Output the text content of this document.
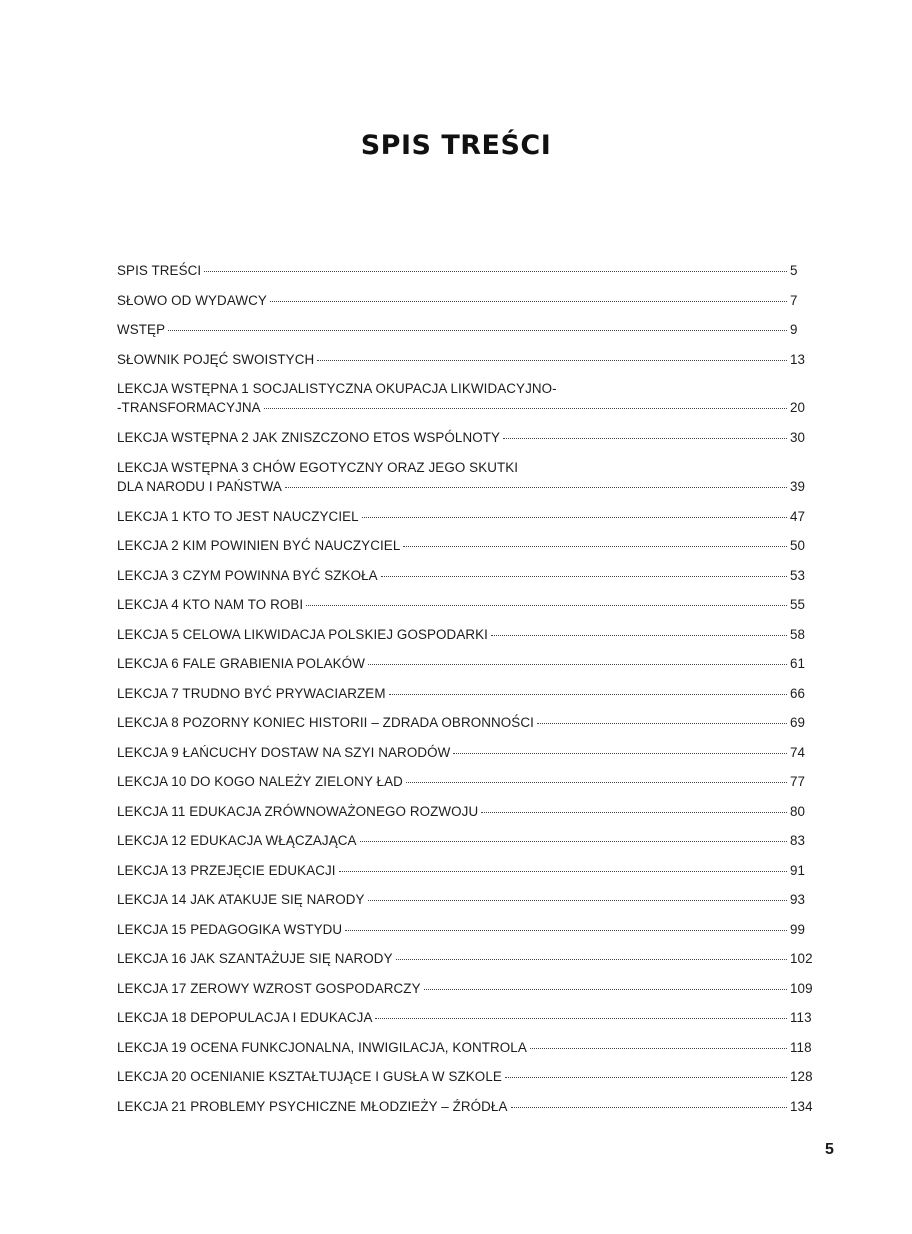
SPIS TREŚCI
SPIS TREŚCI	5
SŁOWO OD WYDAWCY	7
WSTĘP	9
SŁOWNIK POJĘĆ SWOISTYCH	13
LEKCJA WSTĘPNA 1 SOCJALISTYCZNA OKUPACJA LIKWIDACYJNO-
-TRANSFORMACYJNA	20
LEKCJA WSTĘPNA 2 JAK ZNISZCZONO ETOS WSPÓLNOTY	30
LEKCJA WSTĘPNA 3 CHÓW EGOTYCZNY ORAZ JEGO SKUTKI
DLA NARODU I PAŃSTWA	39
LEKCJA 1 KTO TO JEST NAUCZYCIEL	47
LEKCJA 2 KIM POWINIEN BYĆ NAUCZYCIEL	50
LEKCJA 3 CZYM POWINNA BYĆ SZKOŁA	53
LEKCJA 4 KTO NAM TO ROBI	55
LEKCJA 5 CELOWA LIKWIDACJA POLSKIEJ GOSPODARKI	58
LEKCJA 6 FALE GRABIENIA POLAKÓW	61
LEKCJA 7 TRUDNO BYĆ PRYWACIARZEM	66
LEKCJA 8 POZORNY KONIEC HISTORII – ZDRADA OBRONNOŚCI	69
LEKCJA 9 ŁAŃCUCHY DOSTAW NA SZYI NARODÓW	74
LEKCJA 10 DO KOGO NALEŻY ZIELONY ŁAD	77
LEKCJA 11 EDUKACJA ZRÓWNOWAŻONEGO ROZWOJU	80
LEKCJA 12 EDUKACJA WŁĄCZAJĄCA	83
LEKCJA 13 PRZEJĘCIE EDUKACJI	91
LEKCJA 14 JAK ATAKUJE SIĘ NARODY	93
LEKCJA 15 PEDAGOGIKA WSTYDU	99
LEKCJA 16 JAK SZANTAŻUJE SIĘ NARODY	102
LEKCJA 17 ZEROWY WZROST GOSPODARCZY	109
LEKCJA 18 DEPOPULACJA I EDUKACJA	113
LEKCJA 19 OCENA FUNKCJONALNA, INWIGILACJA, KONTROLA	118
LEKCJA 20 OCENIANIE KSZTAŁTUJĄCE I GUSŁA W SZKOLE	128
LEKCJA 21 PROBLEMY PSYCHICZNE MŁODZIEŻY – ŹRÓDŁA	134
5
